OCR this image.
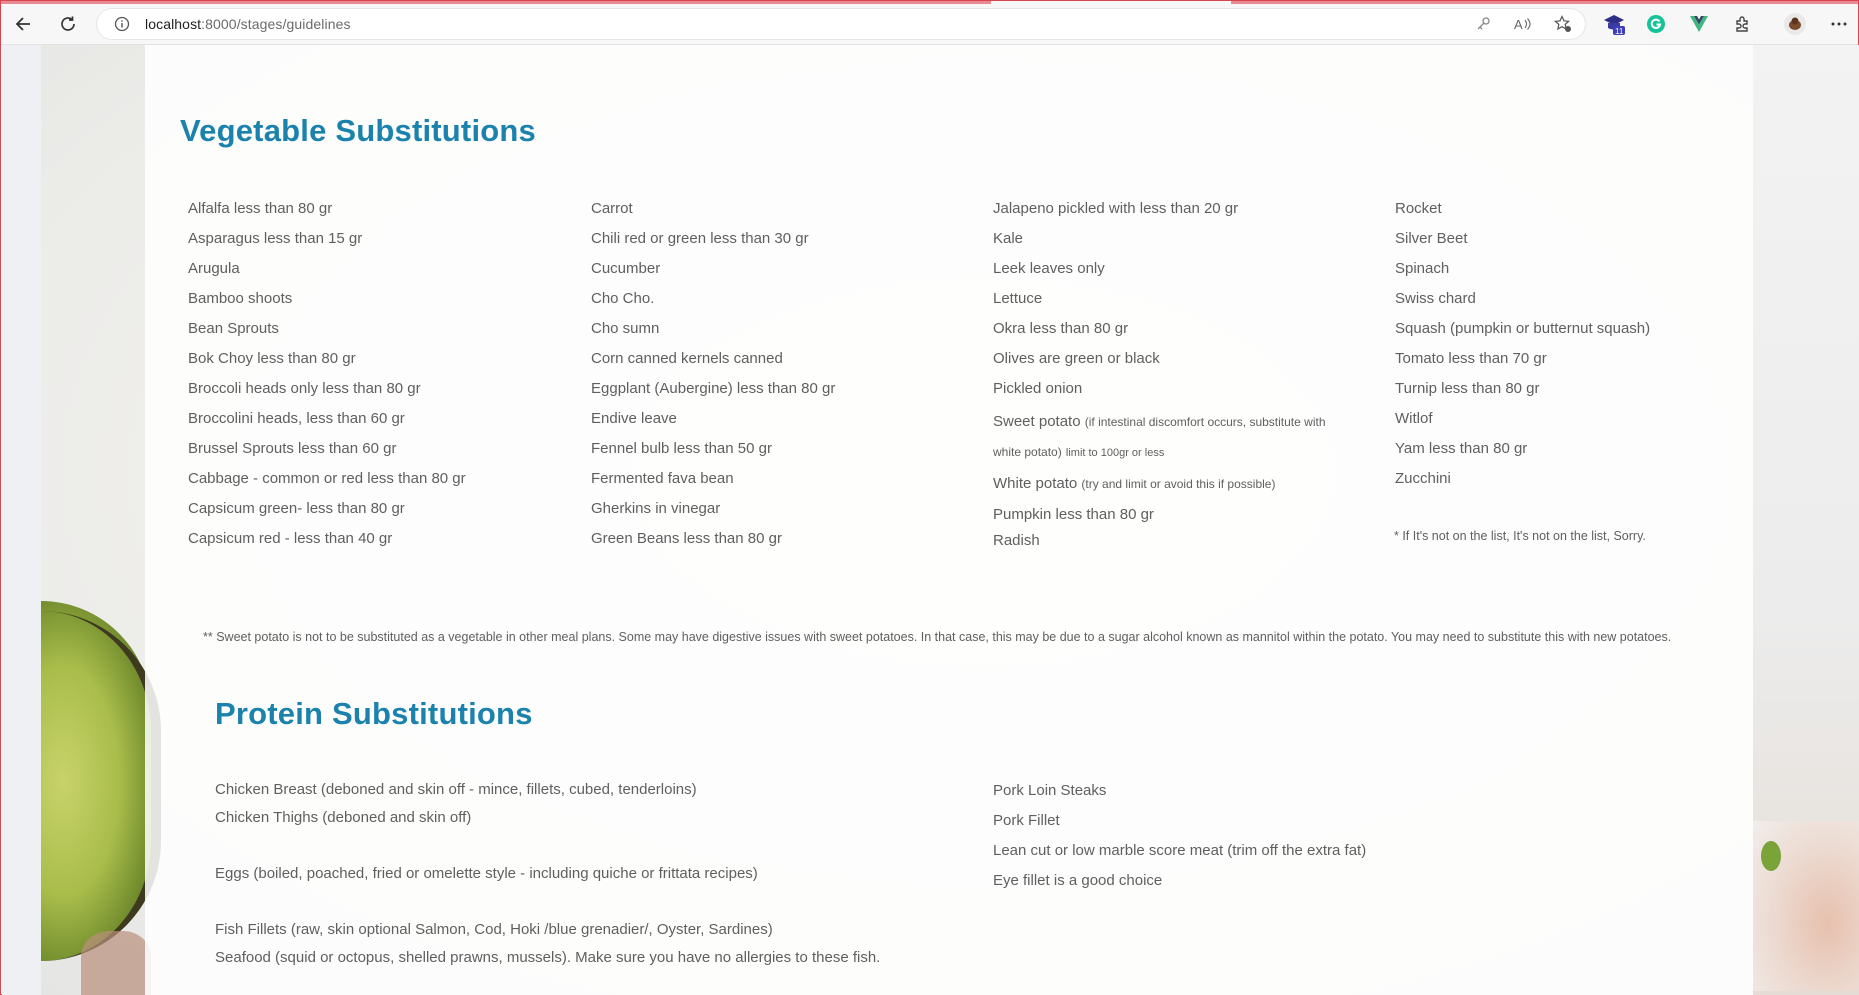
localhost:8000/stages/guidelines	A	11
Vegetable Substitutions
Alfalfa less than 80 gr
Asparagus less than 15 gr
Arugula
Bamboo shoots
Bean Sprouts
Bok Choy less than 80 gr
Broccoli heads only less than 80 gr
Broccolini heads, less than 60 gr
Brussel Sprouts less than 60 gr
Cabbage - common or red less than 80 gr
Capsicum green- less than 80 gr
Capsicum red - less than 40 gr
Carrot
Chili red or green less than 30 gr
Cucumber
Cho Cho.
Cho sumn
Corn canned kernels canned
Eggplant (Aubergine) less than 80 gr
Endive leave
Fennel bulb less than 50 gr
Fermented fava bean
Gherkins in vinegar
Green Beans less than 80 gr
Jalapeno pickled with less than 20 gr
Kale
Leek leaves only
Lettuce
Okra less than 80 gr
Olives are green or black
Pickled onion
Sweet potato (if intestinal discomfort occurs, substitute with white potato) limit to 100gr or less
White potato (try and limit or avoid this if possible)
Pumpkin less than 80 gr
Radish
Rocket
Silver Beet
Spinach
Swiss chard
Squash (pumpkin or butternut squash)
Tomato less than 70 gr
Turnip less than 80 gr
Witlof
Yam less than 80 gr
Zucchini
* If It's not on the list, It's not on the list, Sorry.
** Sweet potato is not to be substituted as a vegetable in other meal plans. Some may have digestive issues with sweet potatoes. In that case, this may be due to a sugar alcohol known as mannitol within the potato. You may need to substitute this with new potatoes.
Protein Substitutions
Chicken Breast (deboned and skin off - mince, fillets, cubed, tenderloins)
Chicken Thighs (deboned and skin off)
Eggs (boiled, poached, fried or omelette style - including quiche or frittata recipes)
Fish Fillets (raw, skin optional Salmon, Cod, Hoki /blue grenadier/, Oyster, Sardines)
Seafood (squid or octopus, shelled prawns, mussels). Make sure you have no allergies to these fish.
Pork Loin Steaks
Pork Fillet
Lean cut or low marble score meat (trim off the extra fat)
Eye fillet is a good choice
